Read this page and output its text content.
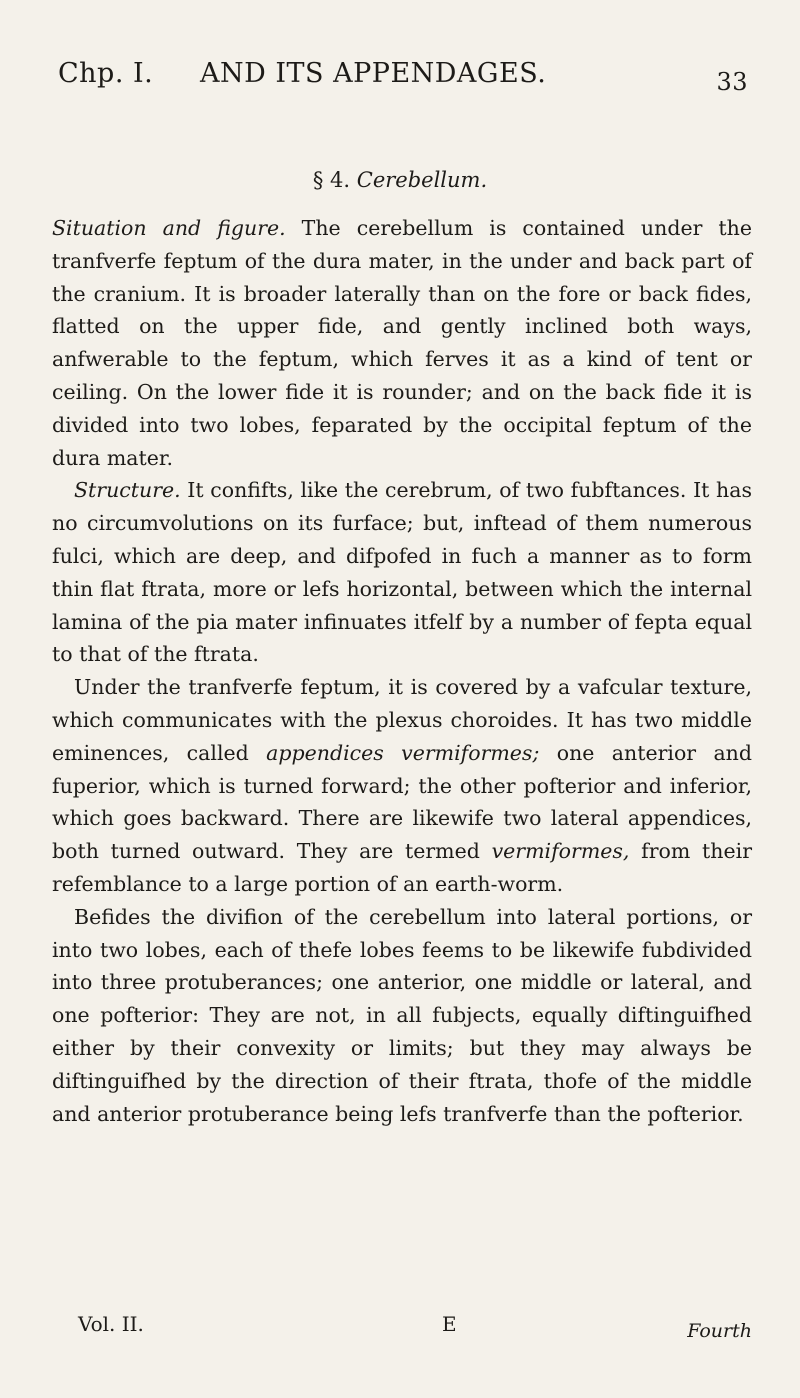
Chp. I. AND ITS APPENDAGES.	33
§ 4. Cerebellum.

Situation and figure. The cerebellum is contained under the tranfverfe feptum of the dura mater, in the under and back part of the cranium. It is broader laterally than on the fore or back fides, flatted on the upper fide, and gently inclined both ways, anfwerable to the feptum, which ferves it as a kind of tent or ceiling. On the lower fide it is rounder; and on the back fide it is divided into two lobes, feparated by the occipital feptum of the dura mater.

Structure. It confifts, like the cerebrum, of two fubftances. It has no circumvolutions on its furface; but, inftead of them numerous fulci, which are deep, and difpofed in fuch a manner as to form thin flat ftrata, more or lefs horizontal, between which the internal lamina of the pia mater infinuates itfelf by a number of fepta equal to that of the ftrata.

Under the tranfverfe feptum, it is covered by a vafcular texture, which communicates with the plexus choroides. It has two middle eminences, called appendices vermiformes; one anterior and fuperior, which is turned forward; the other pofterior and inferior, which goes backward. There are likewife two lateral appendices, both turned outward. They are termed vermiformes, from their refemblance to a large portion of an earth-worm.

Befides the divifion of the cerebellum into lateral portions, or into two lobes, each of thefe lobes feems to be likewife fubdivided into three protuberances; one anterior, one middle or lateral, and one pofterior: They are not, in all fubjects, equally diftinguifhed either by their convexity or limits; but they may always be diftinguifhed by the direction of their ftrata, thofe of the middle and anterior protuberance being lefs tranfverfe than the pofterior.

Vol. II.	E	Fourth
